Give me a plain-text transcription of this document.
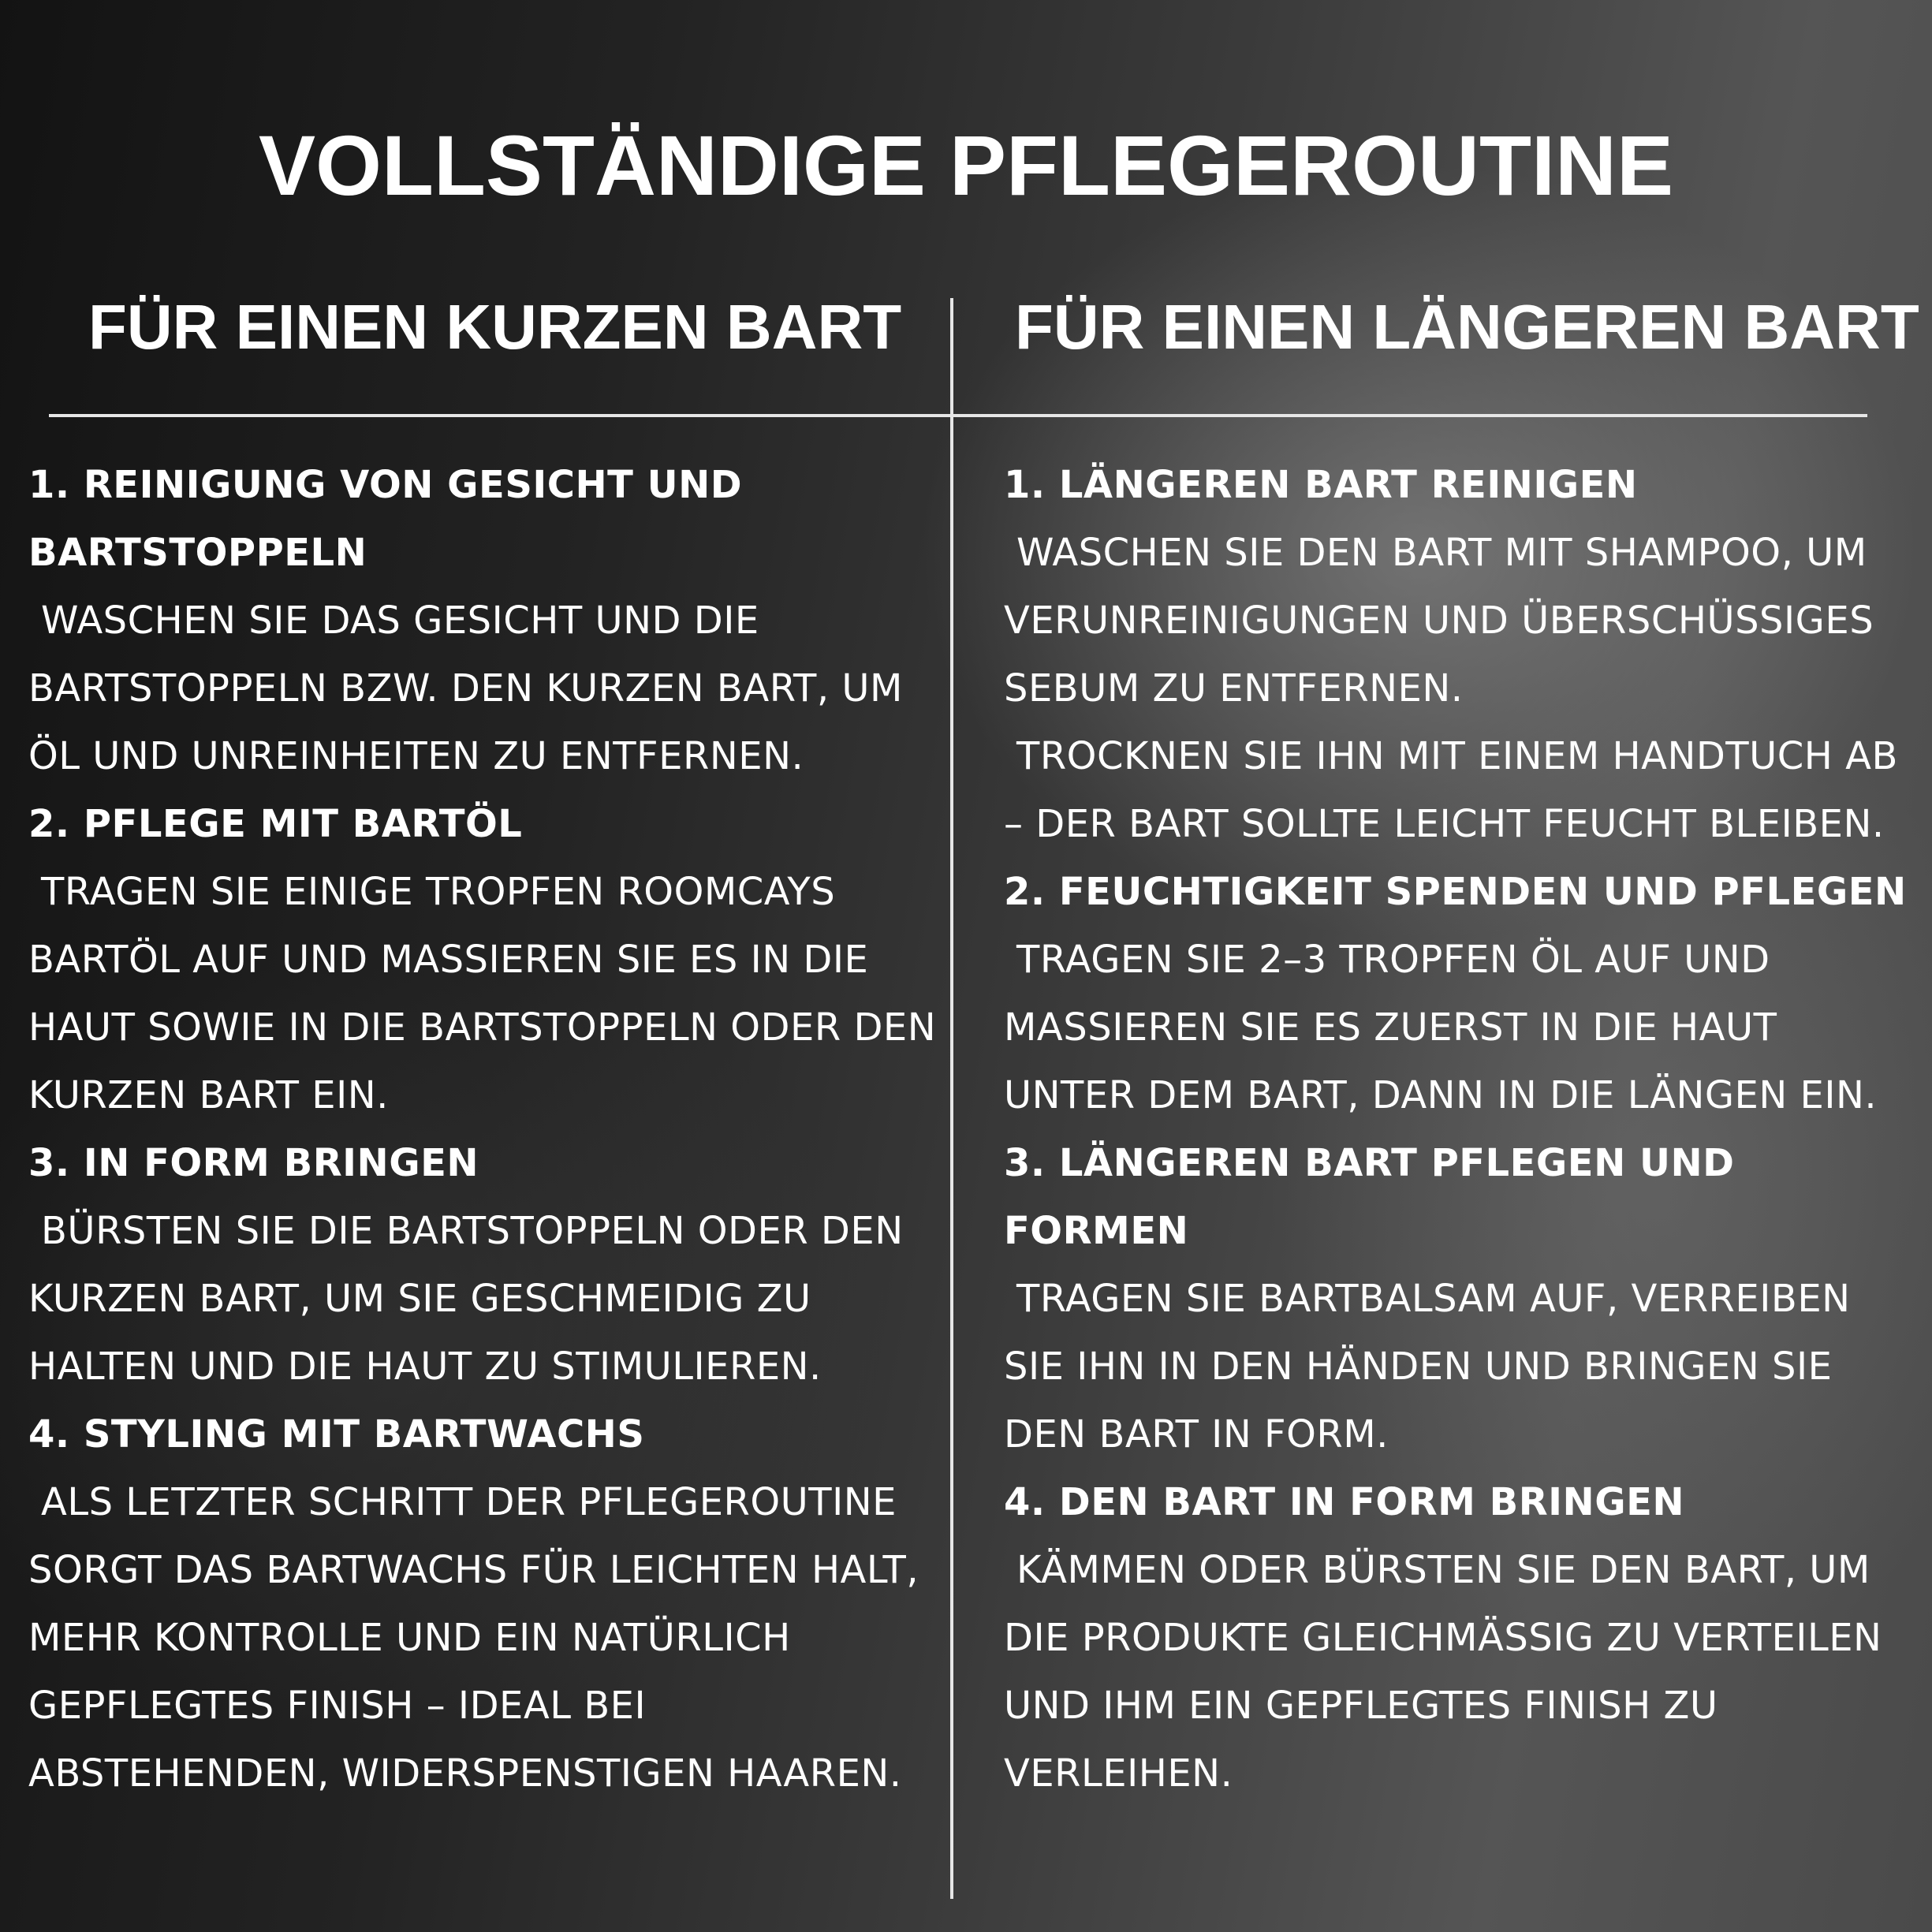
VOLLSTÄNDIGE PFLEGEROUTINE
FÜR EINEN KURZEN BART FÜR EINEN LÄNGEREN BART

1. REINIGUNG VON GESICHT UND BARTSTOPPELN

WASCHEN SIE DAS GESICHT UND DIE BARTSTOPPELN BZW. DEN KURZEN BART, UM ÖL UND UNREINHEITEN ZU ENTFERNEN.

2. PFLEGE MIT BARTÖL

TRAGEN SIE EINIGE TROPFEN ROOMCAYS BARTÖL AUF UND MASSIEREN SIE ES IN DIE HAUT SOWIE IN DIE BARTSTOPPELN ODER DEN KURZEN BART EIN.

3. IN FORM BRINGEN

BÜRSTEN SIE DIE BARTSTOPPELN ODER DEN KURZEN BART, UM SIE GESCHMEIDIG ZU HALTEN UND DIE HAUT ZU STIMULIEREN.

4. STYLING MIT BARTWACHS

ALS LETZTER SCHRITT DER PFLEGEROUTINE SORGT DAS BARTWACHS FÜR LEICHTEN HALT, MEHR KONTROLLE UND EIN NATÜRLICH GEPFLEGTES FINISH – IDEAL BEI ABSTEHENDEN, WIDERSPENSTIGEN HAAREN.

1. LÄNGEREN BART REINIGEN

WASCHEN SIE DEN BART MIT SHAMPOO, UM VERUNREINIGUNGEN UND ÜBERSCHÜSSIGES SEBUM ZU ENTFERNEN.

TROCKNEN SIE IHN MIT EINEM HANDTUCH AB – DER BART SOLLTE LEICHT FEUCHT BLEIBEN.

2. FEUCHTIGKEIT SPENDEN UND PFLEGEN

TRAGEN SIE 2–3 TROPFEN ÖL AUF UND MASSIEREN SIE ES ZUERST IN DIE HAUT UNTER DEM BART, DANN IN DIE LÄNGEN EIN.

3. LÄNGEREN BART PFLEGEN UND FORMEN

TRAGEN SIE BARTBALSAM AUF, VERREIBEN SIE IHN IN DEN HÄNDEN UND BRINGEN SIE DEN BART IN FORM.

4. DEN BART IN FORM BRINGEN

KÄMMEN ODER BÜRSTEN SIE DEN BART, UM DIE PRODUKTE GLEICHMÄSSIG ZU VERTEILEN UND IHM EIN GEPFLEGTES FINISH ZU VERLEIHEN.
